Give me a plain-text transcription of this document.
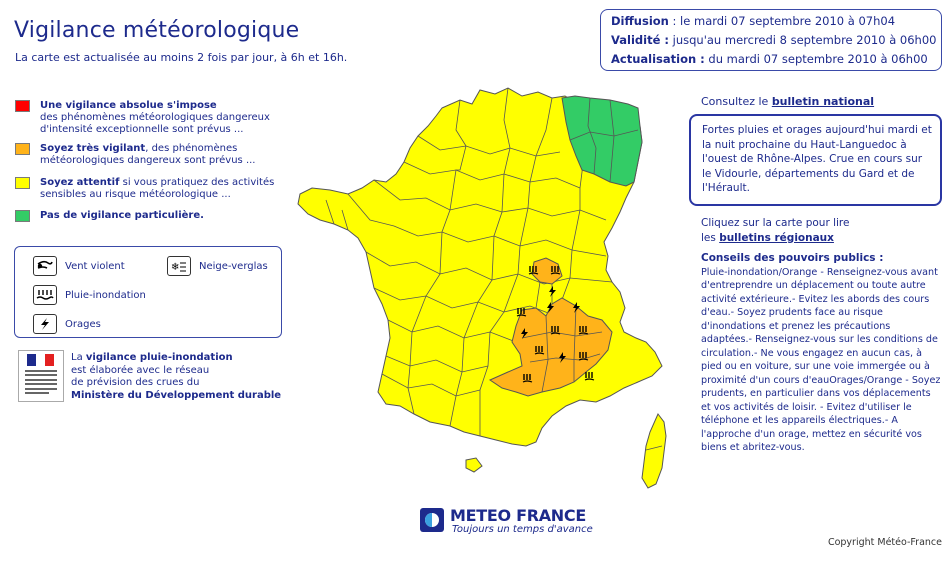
Vigilance météorologique
La carte est actualisée au moins 2 fois par jour, à 6h et 16h.
Diffusion : le mardi 07 septembre 2010 à 07h04
Validité : jusqu'au mercredi 8 septembre 2010 à 06h00
Actualisation : du mardi 07 septembre 2010 à 06h00
Une vigilance absolue s'impose
des phénomènes météorologiques dangereux d'intensité exceptionnelle sont prévus ...
Soyez très vigilant, des phénomènes météorologiques dangereux sont prévus ...
Soyez attentif si vous pratiquez des activités sensibles au risque météorologique ...
Pas de vigilance particulière.
Vent violent	❄ Neige-verglas
Pluie-inondation
Orages
La vigilance pluie-inondation
est élaborée avec le réseau
de prévision des crues du
Ministère du Développement durable
Consultez le bulletin national
Fortes pluies et orages aujourd'hui mardi et la nuit prochaine du Haut-Languedoc à l'ouest de Rhône-Alpes. Crue en cours sur le Vidourle, départements du Gard et de l'Hérault.
Cliquez sur la carte pour lire
les bulletins régionaux
Conseils des pouvoirs publics :
Pluie-inondation/Orange - Renseignez-vous avant d'entreprendre un déplacement ou toute autre activité extérieure.- Evitez les abords des cours d'eau.- Soyez prudents face au risque d'inondations et prenez les précautions adaptées.- Renseignez-vous sur les conditions de circulation.- Ne vous engagez en aucun cas, à pied ou en voiture, sur une voie immergée ou à proximité d'un cours d'eauOrages/Orange - Soyez prudents, en particulier dans vos déplacements et vos activités de loisir. - Evitez d'utiliser le téléphone et les appareils électriques.- A l'approche d'un orage, mettez en sécurité vos biens et abritez-vous.
METEO FRANCE
Toujours un temps d'avance
Copyright Météo-France
